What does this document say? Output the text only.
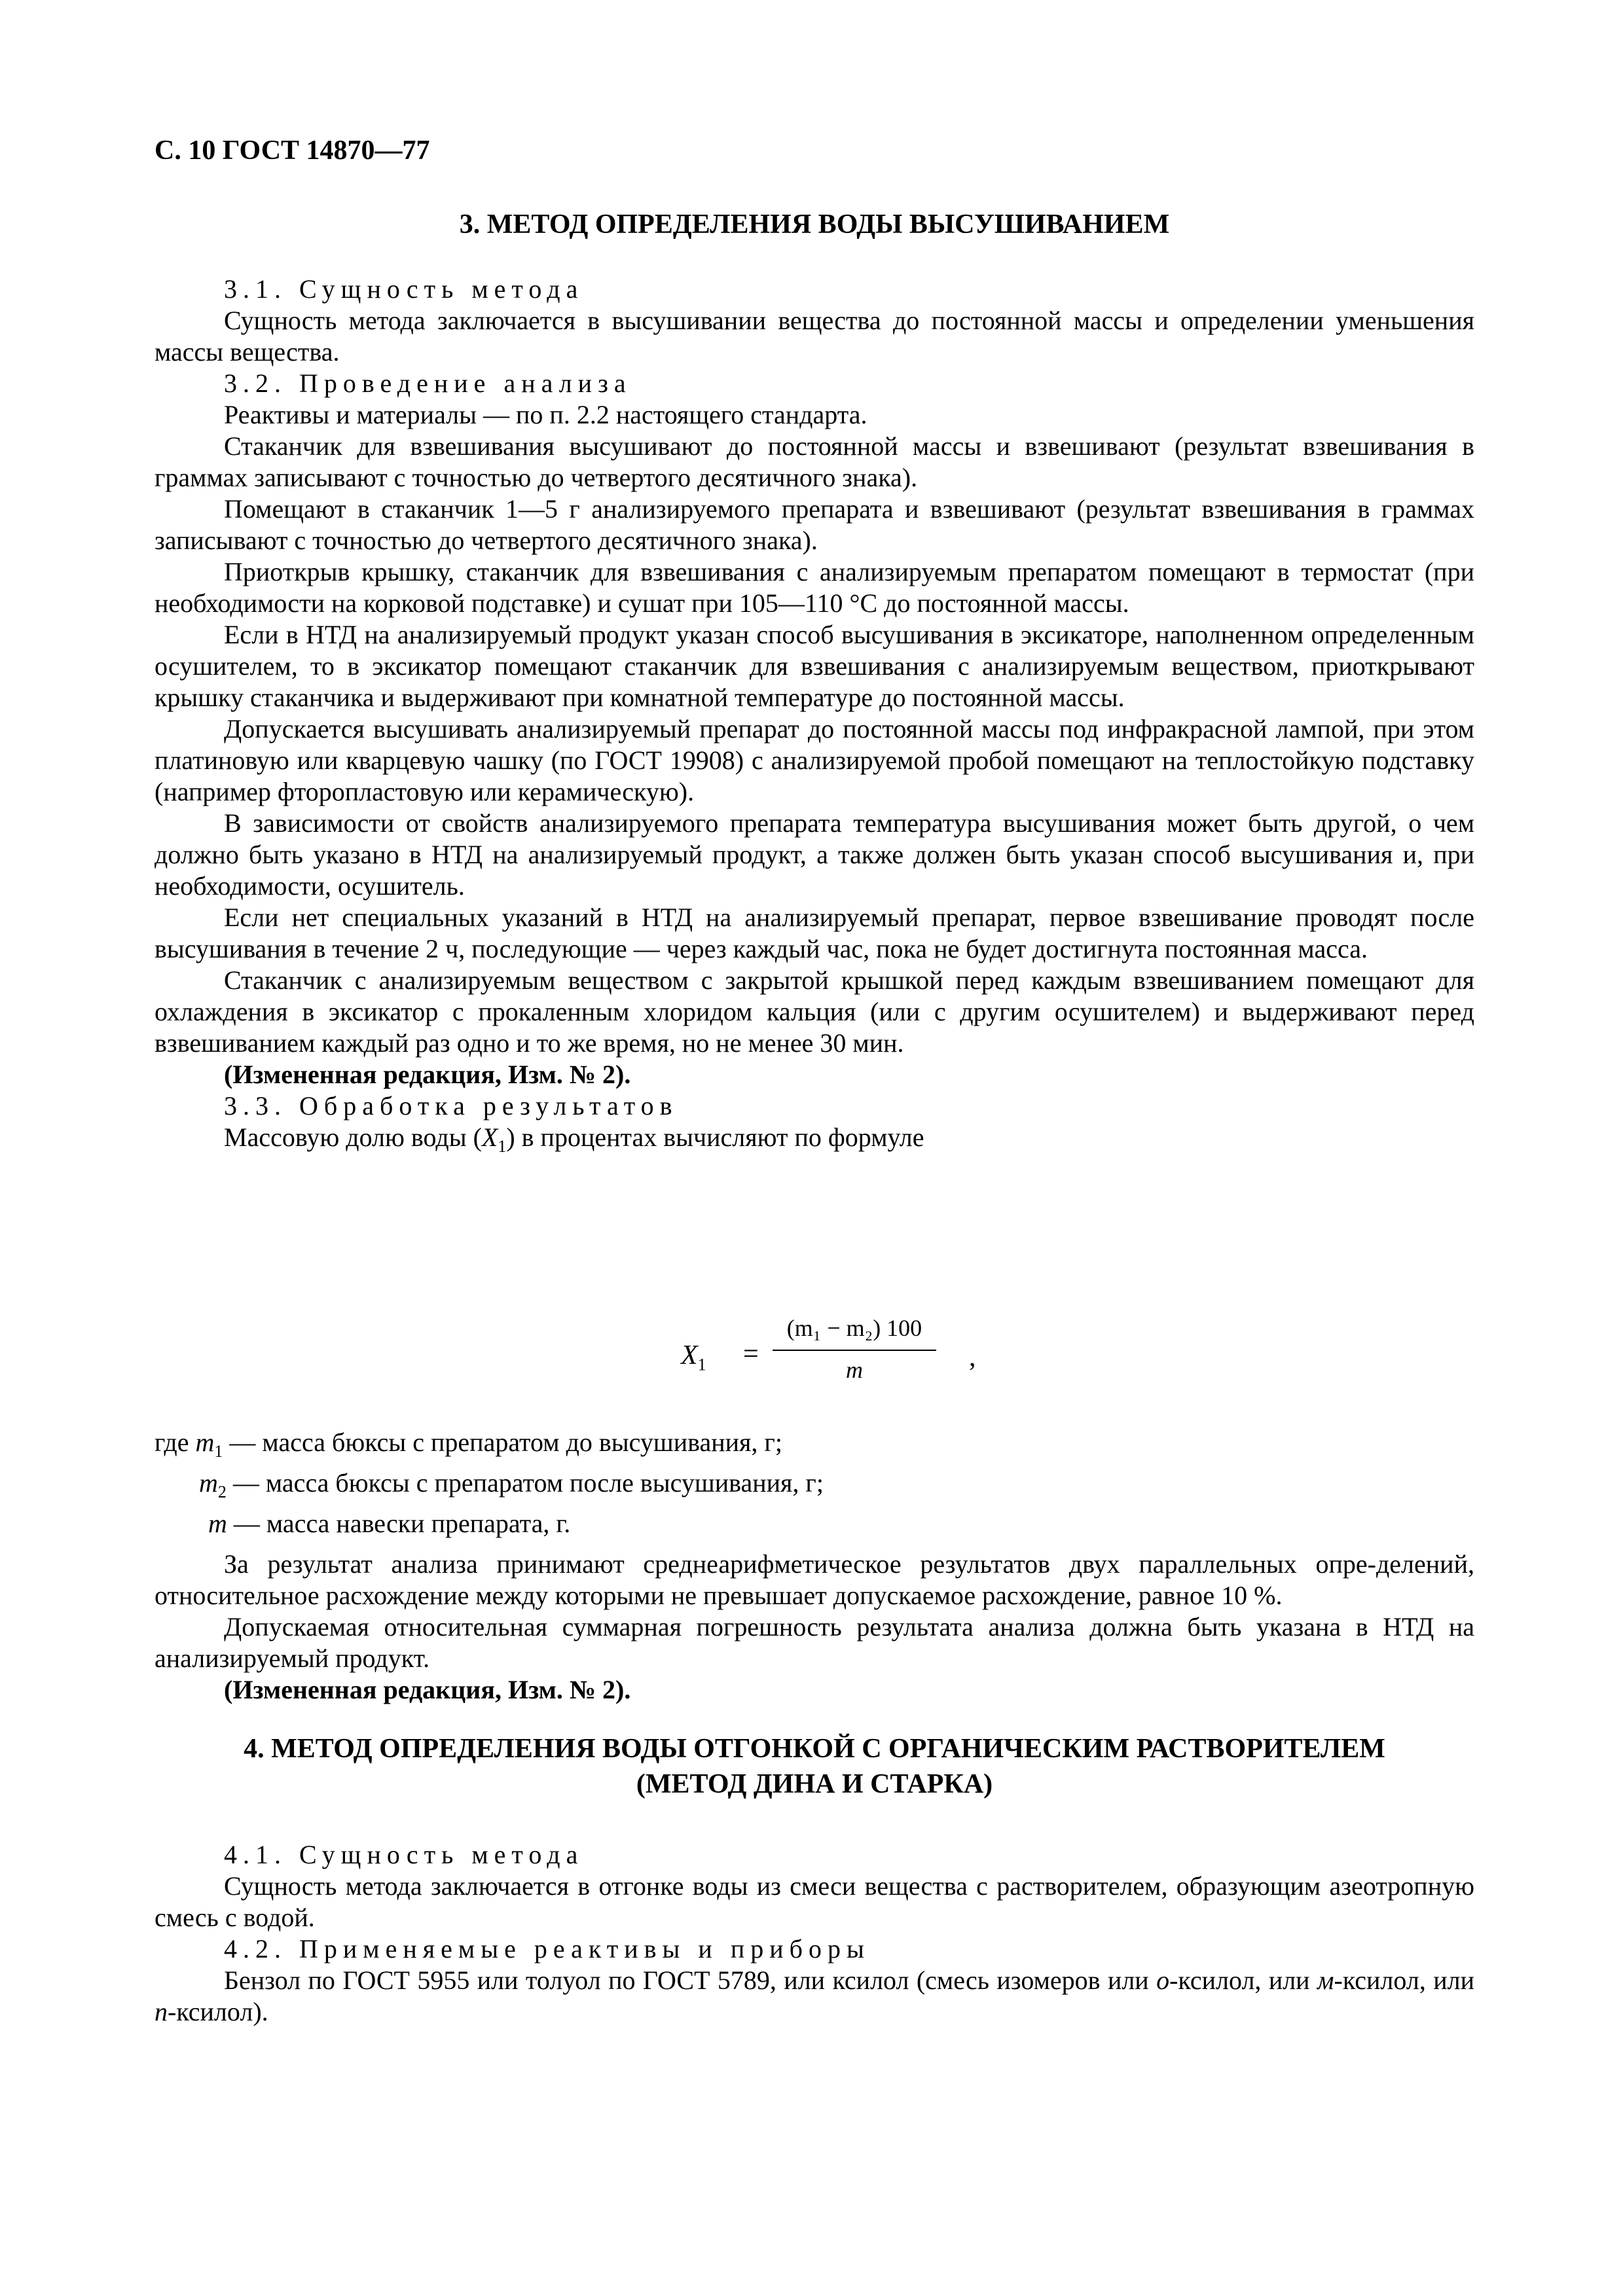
С. 10 ГОСТ 14870—77
3. МЕТОД ОПРЕДЕЛЕНИЯ ВОДЫ ВЫСУШИВАНИЕМ

3.1. Сущность метода

Сущность метода заключается в высушивании вещества до постоянной массы и определении уменьшения массы вещества.

3.2. Проведение анализа

Реактивы и материалы — по п. 2.2 настоящего стандарта.

Стаканчик для взвешивания высушивают до постоянной массы и взвешивают (результат взвешивания в граммах записывают с точностью до четвертого десятичного знака).

Помещают в стаканчик 1—5 г анализируемого препарата и взвешивают (результат взвешивания в граммах записывают с точностью до четвертого десятичного знака).

Приоткрыв крышку, стаканчик для взвешивания с анализируемым препаратом помещают в термостат (при необходимости на корковой подставке) и сушат при 105—110 °С до постоянной массы.

Если в НТД на анализируемый продукт указан способ высушивания в эксикаторе, наполненном определенным осушителем, то в эксикатор помещают стаканчик для взвешивания с анализируемым веществом, приоткрывают крышку стаканчика и выдерживают при комнатной температуре до постоянной массы.

Допускается высушивать анализируемый препарат до постоянной массы под инфракрасной лампой, при этом платиновую или кварцевую чашку (по ГОСТ 19908) с анализируемой пробой помещают на теплостойкую подставку (например фторопластовую или керамическую).

В зависимости от свойств анализируемого препарата температура высушивания может быть другой, о чем должно быть указано в НТД на анализируемый продукт, а также должен быть указан способ высушивания и, при необходимости, осушитель.

Если нет специальных указаний в НТД на анализируемый препарат, первое взвешивание проводят после высушивания в течение 2 ч, последующие — через каждый час, пока не будет достигнута постоянная масса.

Стаканчик с анализируемым веществом с закрытой крышкой перед каждым взвешиванием помещают для охлаждения в эксикатор с прокаленным хлоридом кальция (или с другим осушителем) и выдерживают перед взвешиванием каждый раз одно и то же время, но не менее 30 мин.

(Измененная редакция, Изм. № 2).

3.3. Обработка результатов

Массовую долю воды $(X_1)$ в процентах вычисляют по формуле

$X_1$ =
(m₁ − m₂) 100
m	,

где $m_1$ — масса бюксы с препаратом до высушивания, г;

$m_2$ — масса бюксы с препаратом после высушивания, г;

m — масса навески препарата, г.

За результат анализа принимают среднеарифметическое результатов двух параллельных опре-делений, относительное расхождение между которыми не превышает допускаемое расхождение, равное 10 %.

Допускаемая относительная суммарная погрешность результата анализа должна быть указана в НТД на анализируемый продукт.

(Измененная редакция, Изм. № 2).

4. МЕТОД ОПРЕДЕЛЕНИЯ ВОДЫ ОТГОНКОЙ С ОРГАНИЧЕСКИМ РАСТВОРИТЕЛЕМ
(МЕТОД ДИНА И СТАРКА)

4.1. Сущность метода

Сущность метода заключается в отгонке воды из смеси вещества с растворителем, образующим азеотропную смесь с водой.

4.2. Применяемые реактивы и приборы

Бензол по ГОСТ 5955 или толуол по ГОСТ 5789, или ксилол (смесь изомеров или о-ксилол, или м-ксилол, или п-ксилол).
